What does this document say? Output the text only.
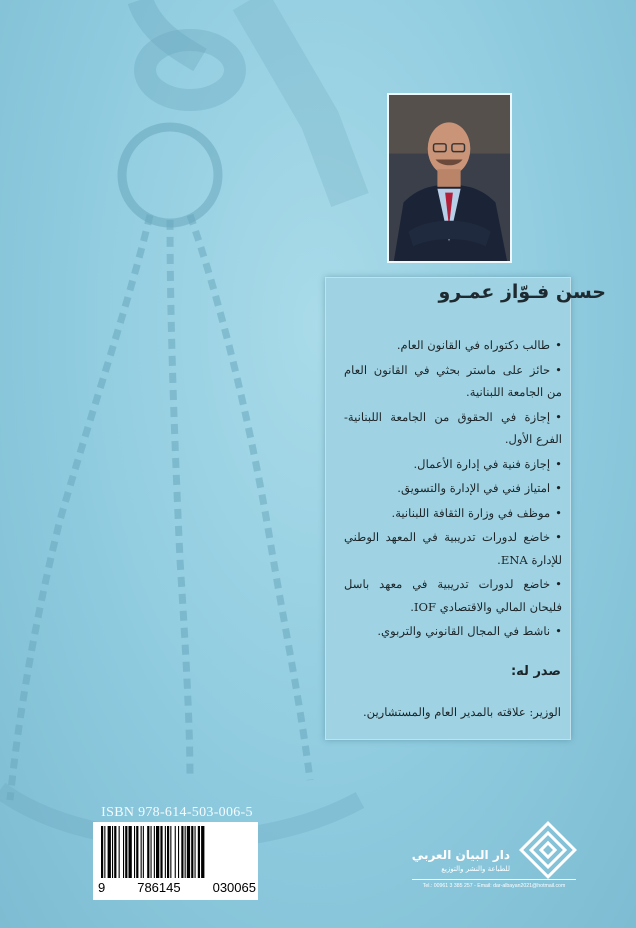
حسن فـوّاز عمـرو
•طالب دكتوراه في القانون العام.
•حائز على ماستر بحثي في القانون العام من الجامعة اللبنانية.
•إجازة في الحقوق من الجامعة اللبنانية- الفرع الأول.
•إجازة فنية في إدارة الأعمال.
•امتياز فني في الإدارة والتسويق.
•موظف في وزارة الثقافة اللبنانية.
•خاضع لدورات تدريبية في المعهد الوطني للإدارة ENA.
•خاضع لدورات تدريبية في معهد باسل فليحان المالي والاقتصادي IOF.
•ناشط في المجال القانوني والتربوي.
صدر له:
الوزير: علاقته بالمدير العام والمستشارين.
ISBN 978-614-503-006-5
9 786145 030065
دار البيان العربي
للطباعة والنشر والتوزيع
Tel.: 00961 3 385 257 - Email: dar-albayan2021@hotmail.com
